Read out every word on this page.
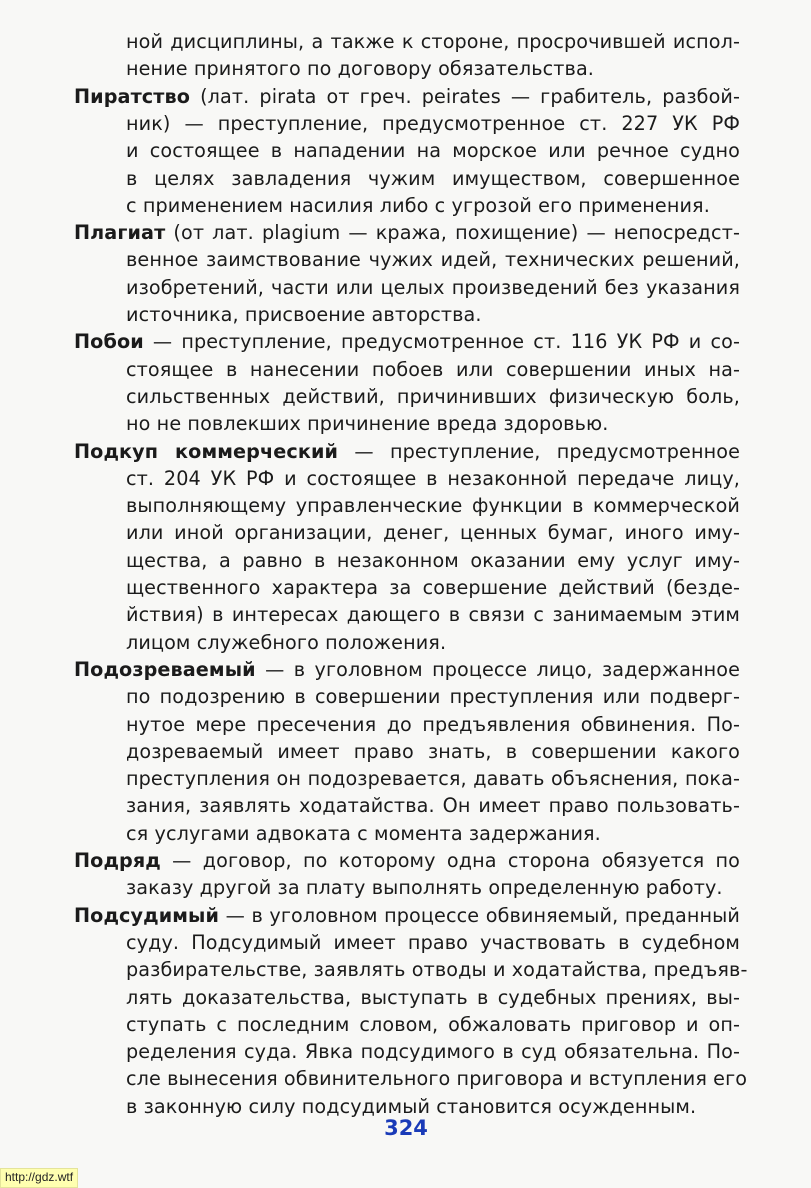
324
http://gdz.wtf
ной дисциплины, а также к стороне, просрочившей испол-
нение принятого по договору обязательства.
Пиратство (лат. pirata от греч. peirates — грабитель, разбой-
ник) — преступление, предусмотренное ст. 227 УК РФ
и состоящее в нападении на морское или речное судно
в целях завладения чужим имуществом, совершенное
с применением насилия либо с угрозой его применения.
Плагиат (от лат. plagium — кража, похищение) — непосредст-
венное заимствование чужих идей, технических решений,
изобретений, части или целых произведений без указания
источника, присвоение авторства.
Побои — преступление, предусмотренное ст. 116 УК РФ и со-
стоящее в нанесении побоев или совершении иных на-
сильственных действий, причинивших физическую боль,
но не повлекших причинение вреда здоровью.
Подкуп коммерческий — преступление, предусмотренное
ст. 204 УК РФ и состоящее в незаконной передаче лицу,
выполняющему управленческие функции в коммерческой
или иной организации, денег, ценных бумаг, иного иму-
щества, а равно в незаконном оказании ему услуг иму-
щественного характера за совершение действий (безде-
йствия) в интересах дающего в связи с занимаемым этим
лицом служебного положения.
Подозреваемый — в уголовном процессе лицо, задержанное
по подозрению в совершении преступления или подверг-
нутое мере пресечения до предъявления обвинения. По-
дозреваемый имеет право знать, в совершении какого
преступления он подозревается, давать объяснения, пока-
зания, заявлять ходатайства. Он имеет право пользовать-
ся услугами адвоката с момента задержания.
Подряд — договор, по которому одна сторона обязуется по
заказу другой за плату выполнять определенную работу.
Подсудимый — в уголовном процессе обвиняемый, преданный
суду. Подсудимый имеет право участвовать в судебном
разбирательстве, заявлять отводы и ходатайства, предъяв-
лять доказательства, выступать в судебных прениях, вы-
ступать с последним словом, обжаловать приговор и оп-
ределения суда. Явка подсудимого в суд обязательна. По-
сле вынесения обвинительного приговора и вступления его
в законную силу подсудимый становится осужденным.
